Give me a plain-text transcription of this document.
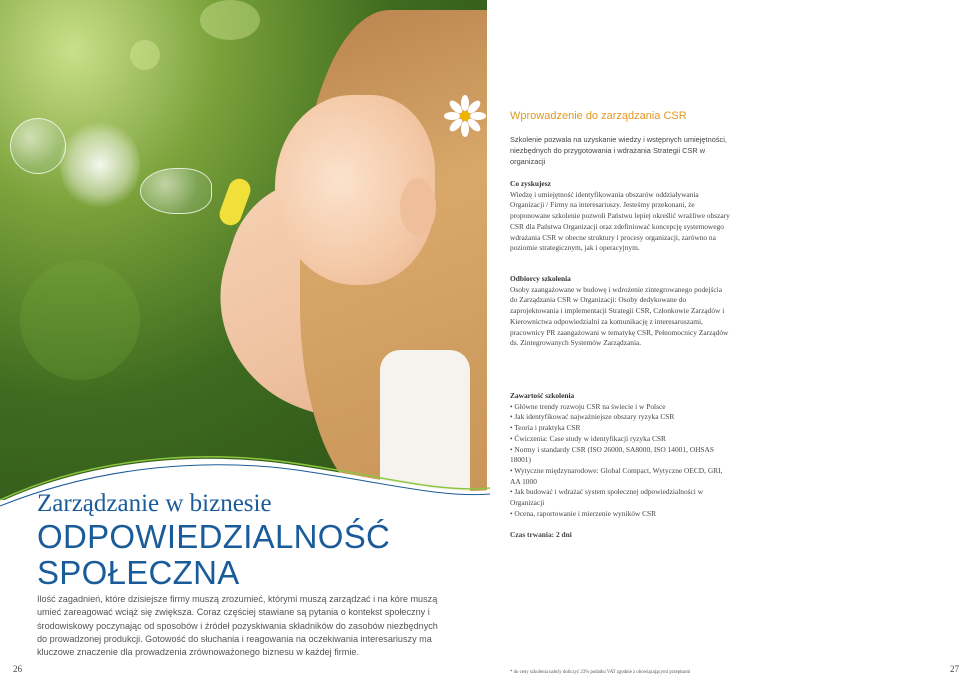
Zarządzanie w biznesie
ODPOWIEDZIALNOŚĆ
SPOŁECZNA
Ilość zagadnień, które dzisiejsze firmy muszą zrozumieć, którymi muszą zarządzać i na kóre muszą umieć zareagować wciąż się zwiększa. Coraz częściej stawiane są pytania o kontekst społeczny i środowiskowy poczynając od sposobów i źródeł pozyskiwania składników do zasobów niezbędnych do prowadzonej produkcji. Gotowość do słuchania i reagowania na oczekiwania interesariuszy ma kluczowe znaczenie dla prowadzenia zrównoważonego biznesu w każdej firmie.
26
Wprowadzenie do zarządzania CSR
Szkolenie pozwala na uzyskanie wiedzy i wstępnych umiejętności, niezbędnych do przygotowania i wdrażania Strategii CSR w organizacji
Co zyskujesz
Wiedzę i umiejętność identyfikowania obszarów oddziaływania Organizacji / Firmy na interesariuszy. Jesteśmy przekonani, że proponowane szkolenie pozwoli Państwu lepiej określić wrażliwe obszary CSR dla Państwa Organizacji oraz zdefiniować koncepcję systemowego wdrażania CSR w obecne struktury i procesy organizacji, zarówno na poziomie strategicznym, jak i operacyjnym.
Odbiorcy szkolenia
Osoby zaangażowane w budowę i wdrożenie zintegrowanego podejścia do Zarządzania CSR w Organizacji: Osoby dedykowane do zaprojektowania i implementacji Strategii CSR, Członkowie Zarządów i Kierownictwa odpowiedzialni za komunikację z interesaruszami, pracownicy PR zaangażowani w tematykę CSR, Pełnomocnicy Zarządów ds. Zintegrowanych Systemów Zarządzania.
Zawartość szkolenia
• Główne trendy rozwoju CSR na świecie i w Polsce
• Jak identyfikować najważniejsze obszary ryzyka CSR
• Teoria i praktyka CSR
• Ćwiczenia: Case study w identyfikacji ryzyka CSR
• Normy i standardy CSR (ISO 26000, SA8000, ISO 14001, OHSAS 18001)
• Wytyczne międzynarodowe: Global Compact, Wytyczne OECD, GRI, AA 1000
• Jak budować i wdrażać system społecznej odpowiedzialności w Organizacji
• Ocena, raportowanie i mierzenie wyników CSR
Czas trwania: 2 dni
* do ceny szkolenia należy doliczyć 23% podatku VAT zgodnie z obowiązującymi przepisami	27
